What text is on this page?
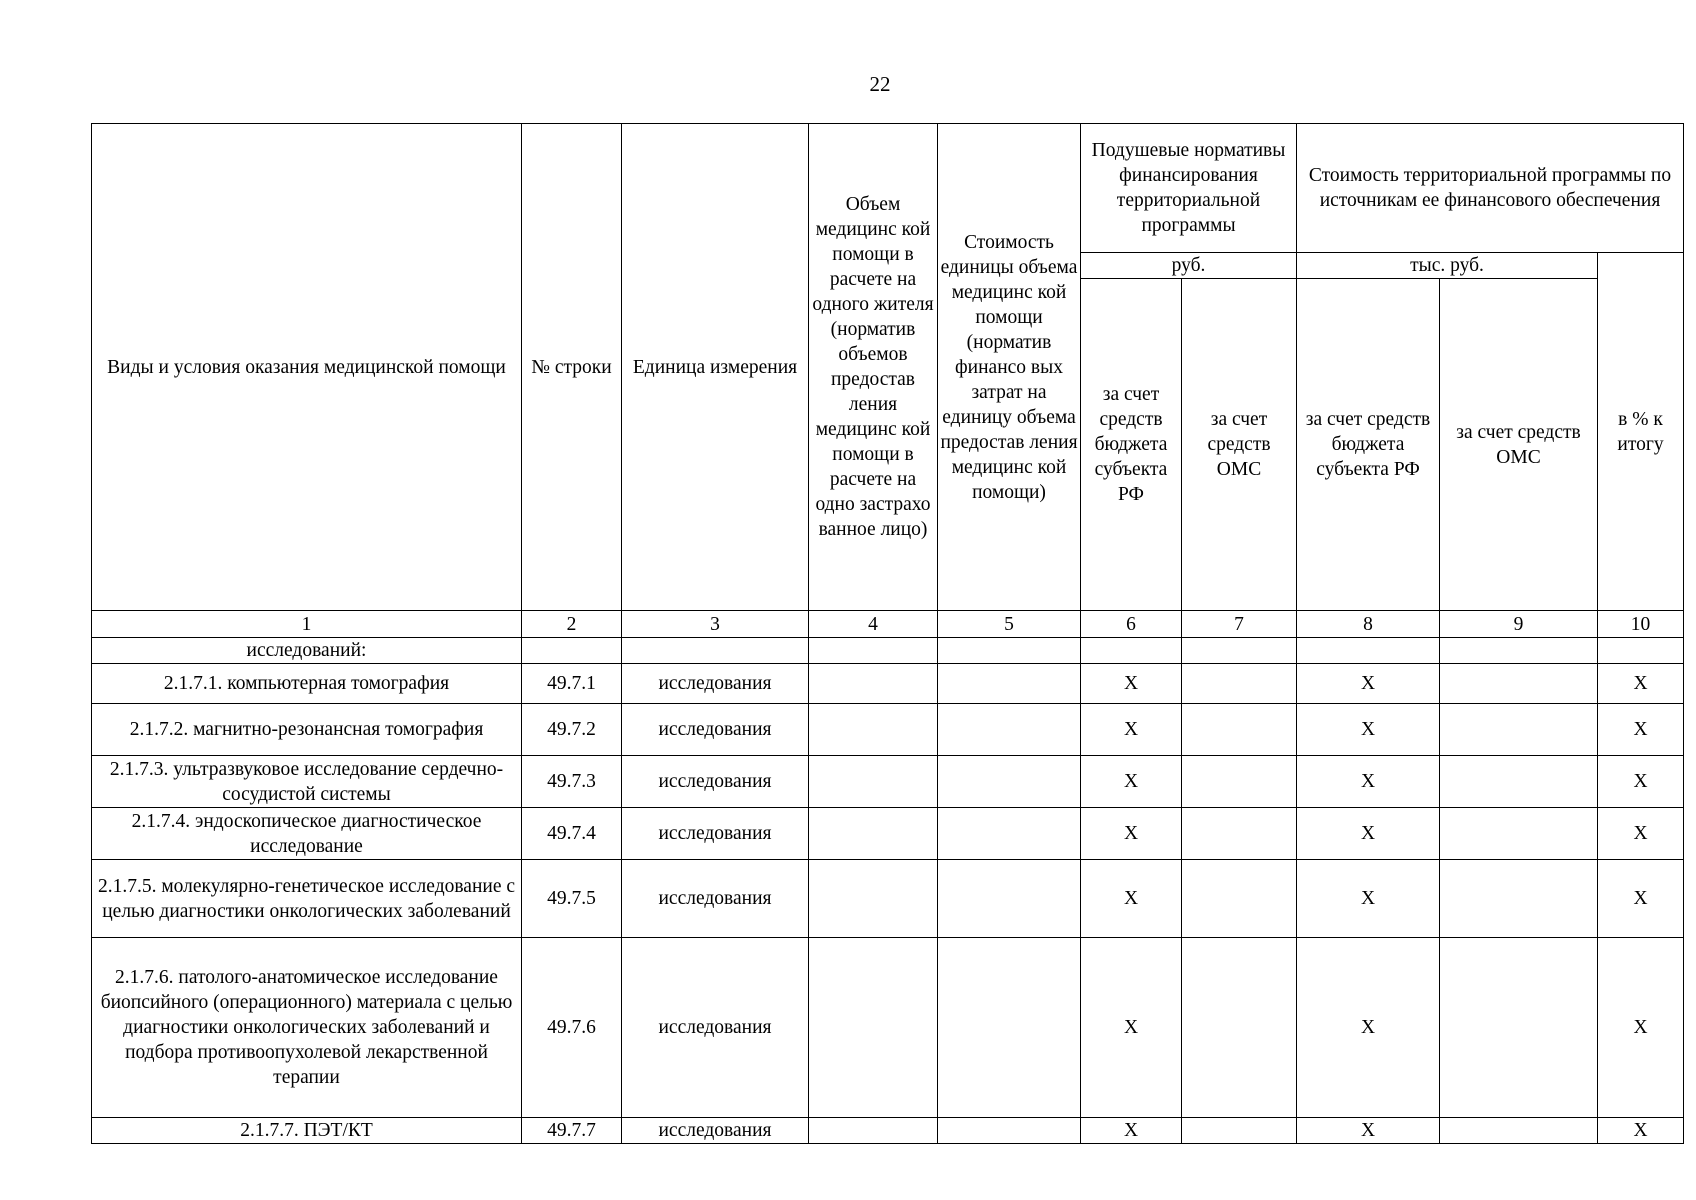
22
Виды и условия оказания медицинской помощи	№ строки	Единица измерения	Объем медицинс кой помощи в расчете на одного жителя (норматив объемов предостав ления медицинс кой помощи в расчете на одно застрахо ванное лицо)	Стоимость единицы объема медицинс кой помощи (норматив финансо вых затрат на единицу объема предостав ления медицинс кой помощи)	Подушевые нормативы финансирования территориальной программы		Стоимость территориальной программы по источникам ее финансового обеспечения		
					руб.		тыс. руб.		в % к итогу
					за счет средств бюджета субъекта РФ	за счет средств ОМС	за счет средств бюджета субъекта РФ	за счет средств ОМС	
1	2	3	4	5	6	7	8	9	10
исследований:									
2.1.7.1. компьютерная томография	49.7.1	исследования			Х		Х		Х
2.1.7.2. магнитно-резонансная томография	49.7.2	исследования			Х		Х		Х
2.1.7.3. ультразвуковое исследование сердечно-сосудистой системы	49.7.3	исследования			Х		Х		Х
2.1.7.4. эндоскопическое диагностическое исследование	49.7.4	исследования			Х		Х		Х
2.1.7.5. молекулярно-генетическое исследование с целью диагностики онкологических заболеваний	49.7.5	исследования			Х		Х		Х
2.1.7.6. патолого-анатомическое исследование биопсийного (операционного) материала с целью диагностики онкологических заболеваний и подбора противоопухолевой лекарственной терапии	49.7.6	исследования			Х		Х		Х
2.1.7.7. ПЭТ/КТ	49.7.7	исследования			Х		Х		Х
